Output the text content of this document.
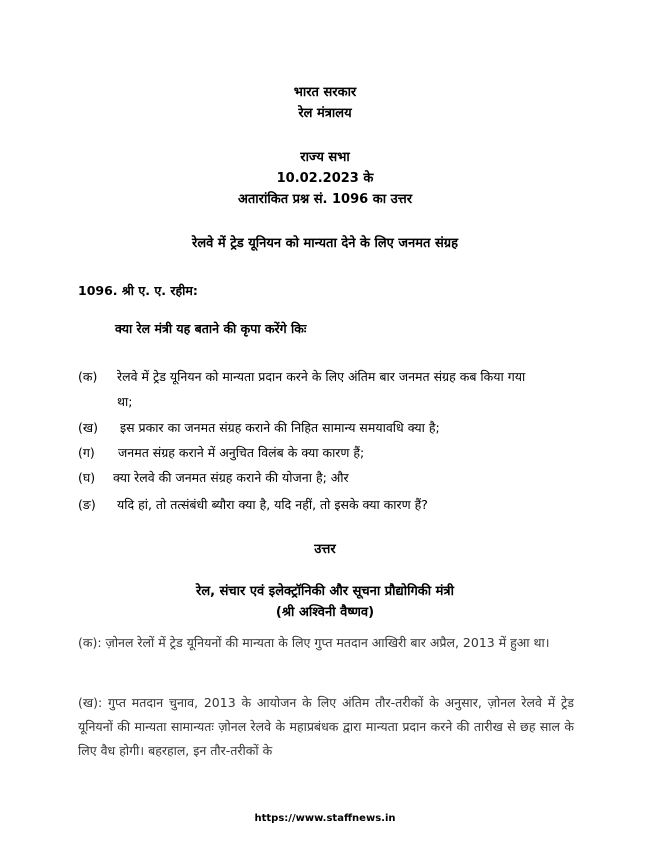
भारत सरकार
रेल मंत्रालय
राज्य सभा
10.02.2023 के
अतारांकित प्रश्न सं. 1096 का उत्तर
रेलवे में ट्रेड यूनियन को मान्यता देने के लिए जनमत संग्रह
1096. श्री ए. ए. रहीम:
क्या रेल मंत्री यह बताने की कृपा करेंगे किः
(क) रेलवे में ट्रेड यूनियन को मान्यता प्रदान करने के लिए अंतिम बार जनमत संग्रह कब किया गया
था;
(ख) इस प्रकार का जनमत संग्रह कराने की निहित सामान्य समयावधि क्या है;
(ग) जनमत संग्रह कराने में अनुचित विलंब के क्या कारण हैं;
(घ) क्या रेलवे की जनमत संग्रह कराने की योजना है; और
(ङ) यदि हां, तो तत्संबंधी ब्यौरा क्या है, यदि नहीं, तो इसके क्या कारण हैं?
उत्तर
रेल, संचार एवं इलेक्ट्रॉनिकी और सूचना प्रौद्योगिकी मंत्री
(श्री अश्विनी वैष्णव)
(क): ज़ोनल रेलों में ट्रेड यूनियनों की मान्यता के लिए गुप्त मतदान आखिरी बार अप्रैल, 2013 में हुआ था।
(ख): गुप्त मतदान चुनाव, 2013 के आयोजन के लिए अंतिम तौर-तरीकों के अनुसार, ज़ोनल रेलवे में ट्रेड यूनियनों की मान्यता सामान्यतः ज़ोनल रेलवे के महाप्रबंधक द्वारा मान्यता प्रदान करने की तारीख से छह साल के लिए वैध होगी। बहरहाल, इन तौर-तरीकों के
https://www.staffnews.in
